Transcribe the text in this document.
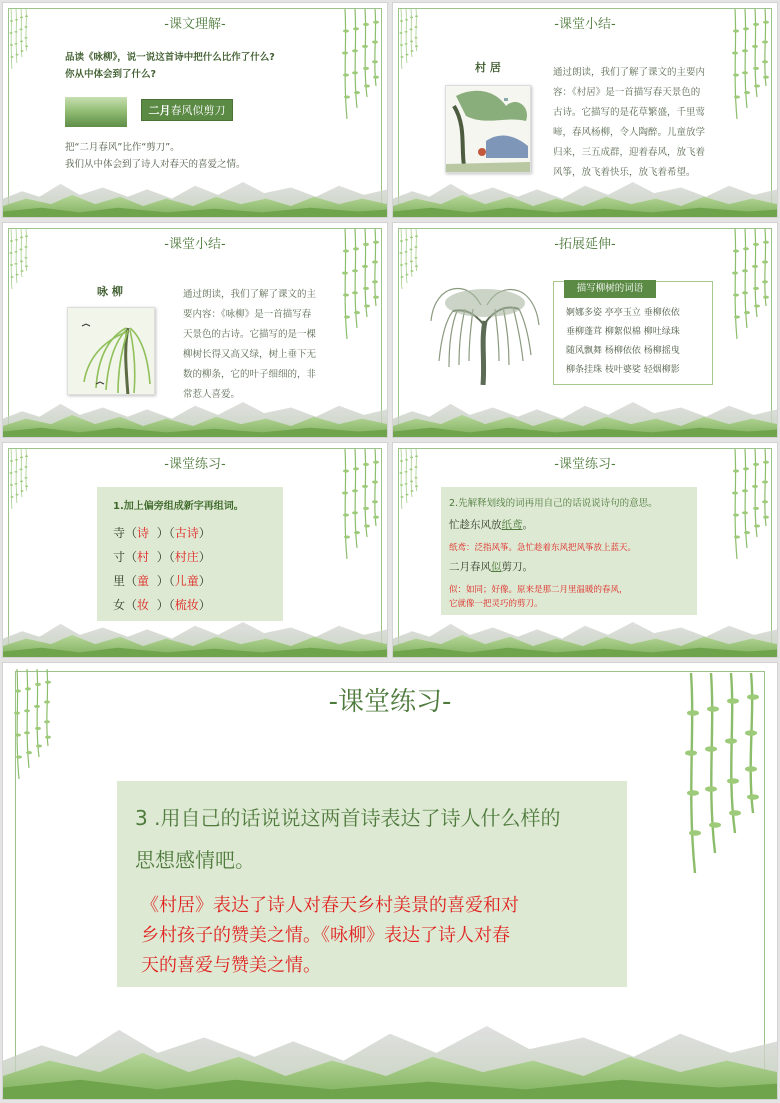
-课文理解-
品读《咏柳》，说一说这首诗中把什么比作了什么?
你从中体会到了什么?
二月春风似剪刀
把“二月春风”比作“剪刀”。
我们从中体会到了诗人对春天的喜爱之情。
-课堂小结-
村 居	通过朗读，我们了解了课文的主要内
容：《村居》是一首描写春天景色的
古诗。它描写的是花草繁盛，千里莺
啼，春风杨柳，令人陶醉。儿童放学
归来，三五成群，迎着春风，放飞着
风筝，放飞着快乐，放飞着希望。
-课堂小结-
咏 柳	通过朗读，我们了解了课文的主
要内容：《咏柳》是一首描写春
天景色的古诗。它描写的是一棵
柳树长得又高又绿，树上垂下无
数的柳条，它的叶子细细的，非
常惹人喜爱。
-拓展延伸-
描写柳树的词语
婀娜多姿 亭亭玉立 垂柳依依
垂柳蓬茸 柳絮似棉 柳吐绿珠
随风飘舞 杨柳依依 杨柳摇曳
柳条挂珠 枝叶婆娑 轻烟柳影
-课堂练习-
1.加上偏旁组成新字再组词。
寺（诗 ）（古诗）
寸（村 ）（村庄）
里（童 ）（儿童）
女（妆 ）（梳妆）
-课堂练习-
2.先解释划线的词再用自己的话说说诗句的意思。
忙趁东风放纸鸢。
纸鸢：泛指风筝。急忙趁着东风把风筝放上蓝天。
二月春风似剪刀。
似：如同；好像。原来是那二月里温暖的春风，
它就像一把灵巧的剪刀。
-课堂练习-
3 .用自己的话说说这两首诗表达了诗人什么样的
思想感情吧。
《村居》表达了诗人对春天乡村美景的喜爱和对
乡村孩子的赞美之情。《咏柳》表达了诗人对春
天的喜爱与赞美之情。
